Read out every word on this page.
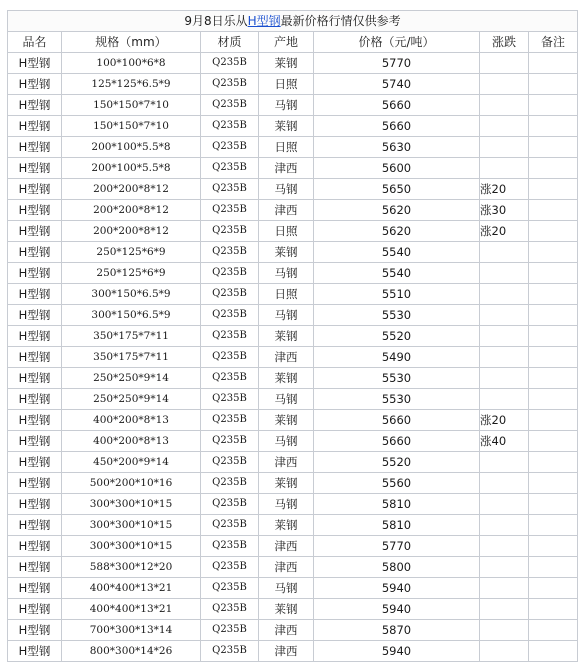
9月8日乐从H型钢最新价格行情仅供参考						
品名	规格（mm）	材质	产地	价格（元/吨）	涨跌	备注
H型钢	100*100*6*8	Q235B	莱钢	5770		
H型钢	125*125*6.5*9	Q235B	日照	5740		
H型钢	150*150*7*10	Q235B	马钢	5660		
H型钢	150*150*7*10	Q235B	莱钢	5660		
H型钢	200*100*5.5*8	Q235B	日照	5630		
H型钢	200*100*5.5*8	Q235B	津西	5600		
H型钢	200*200*8*12	Q235B	马钢	5650	涨20	
H型钢	200*200*8*12	Q235B	津西	5620	涨30	
H型钢	200*200*8*12	Q235B	日照	5620	涨20	
H型钢	250*125*6*9	Q235B	莱钢	5540		
H型钢	250*125*6*9	Q235B	马钢	5540		
H型钢	300*150*6.5*9	Q235B	日照	5510		
H型钢	300*150*6.5*9	Q235B	马钢	5530		
H型钢	350*175*7*11	Q235B	莱钢	5520		
H型钢	350*175*7*11	Q235B	津西	5490		
H型钢	250*250*9*14	Q235B	莱钢	5530		
H型钢	250*250*9*14	Q235B	马钢	5530		
H型钢	400*200*8*13	Q235B	莱钢	5660	涨20	
H型钢	400*200*8*13	Q235B	马钢	5660	涨40	
H型钢	450*200*9*14	Q235B	津西	5520		
H型钢	500*200*10*16	Q235B	莱钢	5560		
H型钢	300*300*10*15	Q235B	马钢	5810		
H型钢	300*300*10*15	Q235B	莱钢	5810		
H型钢	300*300*10*15	Q235B	津西	5770		
H型钢	588*300*12*20	Q235B	津西	5800		
H型钢	400*400*13*21	Q235B	马钢	5940		
H型钢	400*400*13*21	Q235B	莱钢	5940		
H型钢	700*300*13*14	Q235B	津西	5870		
H型钢	800*300*14*26	Q235B	津西	5940		
